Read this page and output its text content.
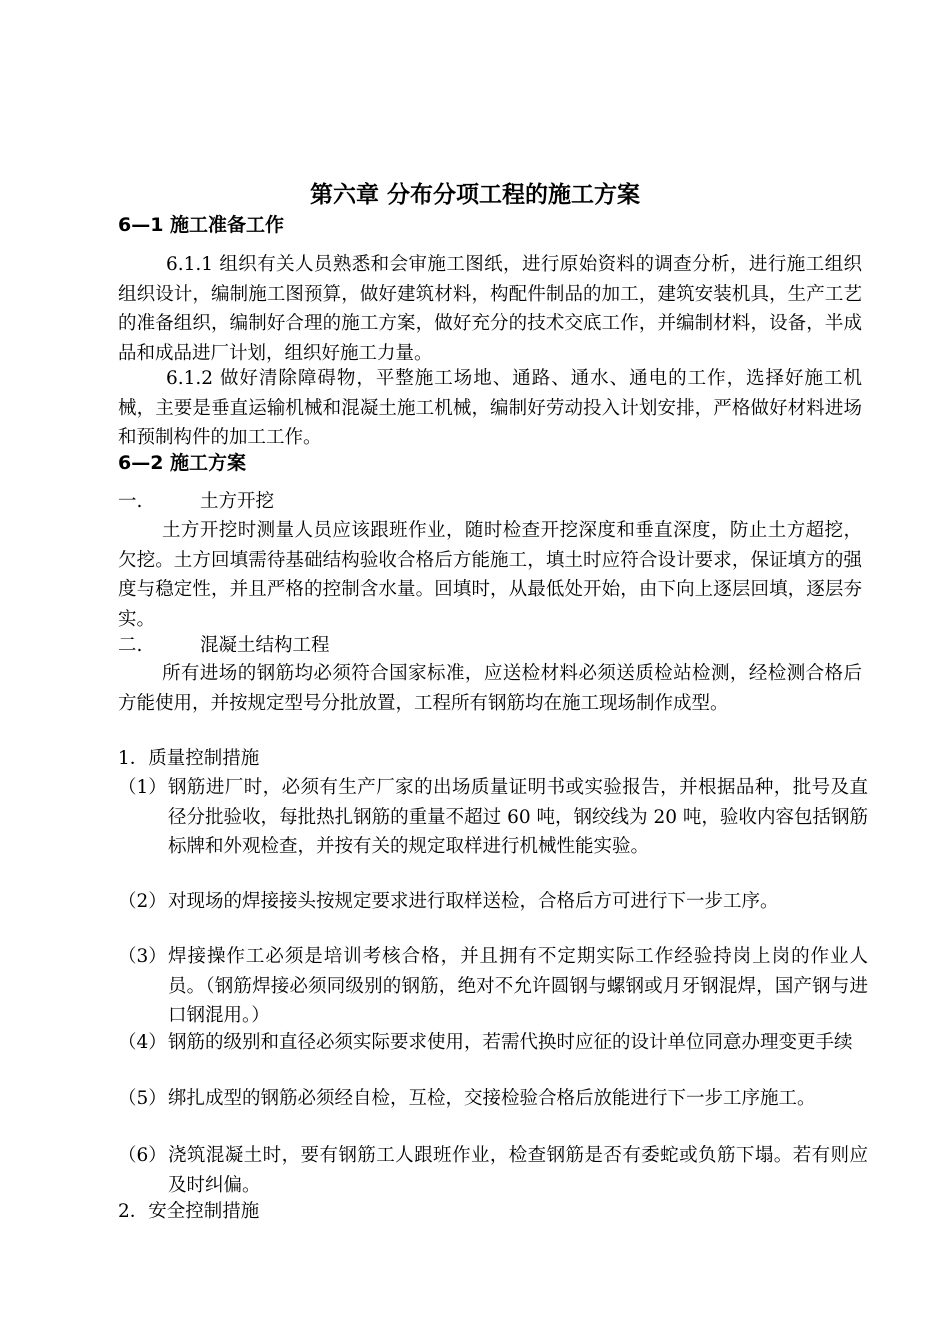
第六章 分布分项工程的施工方案
6—1 施工准备工作
6.1.1 组织有关人员熟悉和会审施工图纸，进行原始资料的调查分析，进行施工组织组织设计，编制施工图预算，做好建筑材料，构配件制品的加工，建筑安装机具，生产工艺的准备组织，编制好合理的施工方案，做好充分的技术交底工作，并编制材料，设备，半成品和成品进厂计划，组织好施工力量。
6.1.2 做好清除障碍物，平整施工场地、通路、通水、通电的工作，选择好施工机械，主要是垂直运输机械和混凝土施工机械，编制好劳动投入计划安排，严格做好材料进场和预制构件的加工工作。
6—2 施工方案
一.	土方开挖
土方开挖时测量人员应该跟班作业，随时检查开挖深度和垂直深度，防止土方超挖，欠挖。土方回填需待基础结构验收合格后方能施工，填土时应符合设计要求，保证填方的强度与稳定性，并且严格的控制含水量。回填时，从最低处开始，由下向上逐层回填，逐层夯实。
二.	混凝土结构工程
所有进场的钢筋均必须符合国家标准，应送检材料必须送质检站检测，经检测合格后方能使用，并按规定型号分批放置，工程所有钢筋均在施工现场制作成型。
1．质量控制措施
（1） 钢筋进厂时，必须有生产厂家的出场质量证明书或实验报告，并根据品种，批号及直径分批验收，每批热扎钢筋的重量不超过 60 吨，钢绞线为 20 吨，验收内容包括钢筋标牌和外观检查，并按有关的规定取样进行机械性能实验。
（2） 对现场的焊接接头按规定要求进行取样送检，合格后方可进行下一步工序。
（3） 焊接操作工必须是培训考核合格，并且拥有不定期实际工作经验持岗上岗的作业人员。（钢筋焊接必须同级别的钢筋，绝对不允许圆钢与螺钢或月牙钢混焊，国产钢与进口钢混用。）
（4） 钢筋的级别和直径必须实际要求使用，若需代换时应征的设计单位同意办理变更手续
（5） 绑扎成型的钢筋必须经自检，互检，交接检验合格后放能进行下一步工序施工。
（6） 浇筑混凝土时，要有钢筋工人跟班作业，检查钢筋是否有委蛇或负筋下塌。若有则应及时纠偏。
2．安全控制措施
